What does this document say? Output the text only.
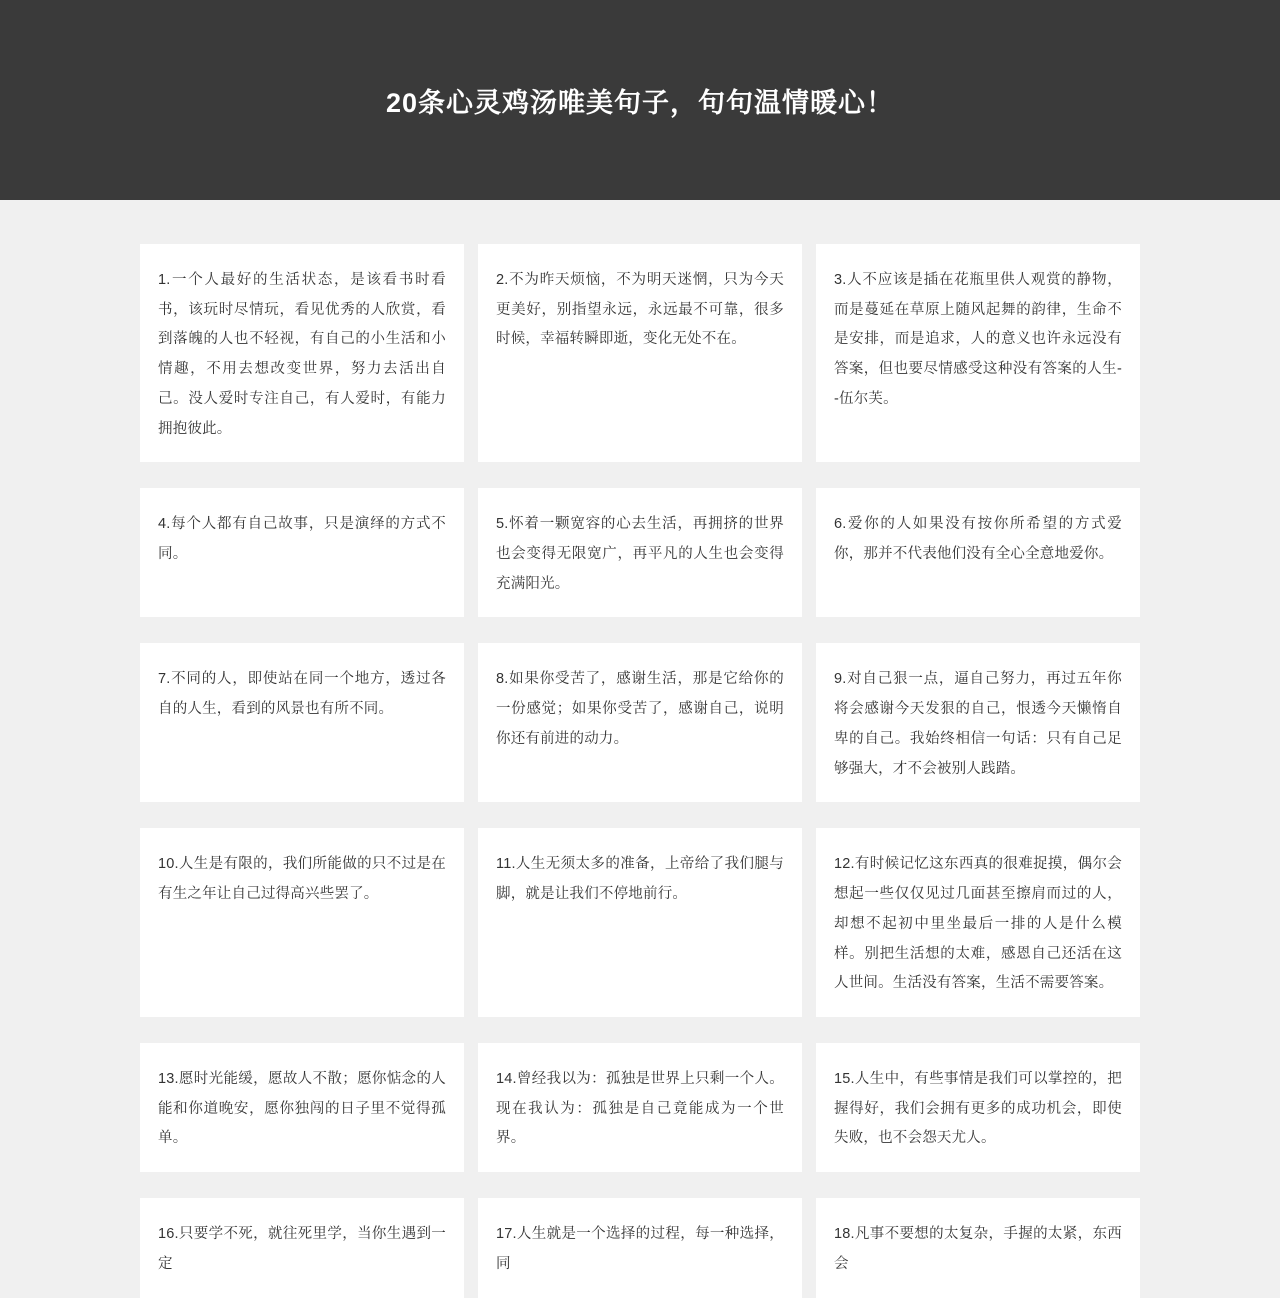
20条心灵鸡汤唯美句子，句句温情暖心！
1.一个人最好的生活状态，是该看书时看书，该玩时尽情玩，看见优秀的人欣赏，看到落魄的人也不轻视，有自己的小生活和小情趣，不用去想改变世界，努力去活出自己。没人爱时专注自己，有人爱时，有能力拥抱彼此。
2.不为昨天烦恼，不为明天迷惘，只为今天更美好，别指望永远，永远最不可靠，很多时候，幸福转瞬即逝，变化无处不在。
3.人不应该是插在花瓶里供人观赏的静物，而是蔓延在草原上随风起舞的韵律，生命不是安排，而是追求，人的意义也许永远没有答案，但也要尽情感受这种没有答案的人生--伍尔芙。
4.每个人都有自己故事，只是演绎的方式不同。
5.怀着一颗宽容的心去生活，再拥挤的世界也会变得无限宽广，再平凡的人生也会变得充满阳光。
6.爱你的人如果没有按你所希望的方式爱你，那并不代表他们没有全心全意地爱你。
7.不同的人，即使站在同一个地方，透过各自的人生，看到的风景也有所不同。
8.如果你受苦了，感谢生活，那是它给你的一份感觉；如果你受苦了，感谢自己，说明你还有前进的动力。
9.对自己狠一点，逼自己努力，再过五年你将会感谢今天发狠的自己，恨透今天懒惰自卑的自己。我始终相信一句话：只有自己足够强大，才不会被别人践踏。
10.人生是有限的，我们所能做的只不过是在有生之年让自己过得高兴些罢了。
11.人生无须太多的准备，上帝给了我们腿与脚，就是让我们不停地前行。
12.有时候记忆这东西真的很难捉摸，偶尔会想起一些仅仅见过几面甚至擦肩而过的人，却想不起初中里坐最后一排的人是什么模样。别把生活想的太难，感恩自己还活在这人世间。生活没有答案，生活不需要答案。
13.愿时光能缓，愿故人不散；愿你惦念的人能和你道晚安，愿你独闯的日子里不觉得孤单。
14.曾经我以为：孤独是世界上只剩一个人。现在我认为：孤独是自己竟能成为一个世界。
15.人生中，有些事情是我们可以掌控的，把握得好，我们会拥有更多的成功机会，即使失败，也不会怨天尤人。
16.只要学不死，就往死里学，当你生遇到一定
17.人生就是一个选择的过程，每一种选择，同
18.凡事不要想的太复杂，手握的太紧，东西会
